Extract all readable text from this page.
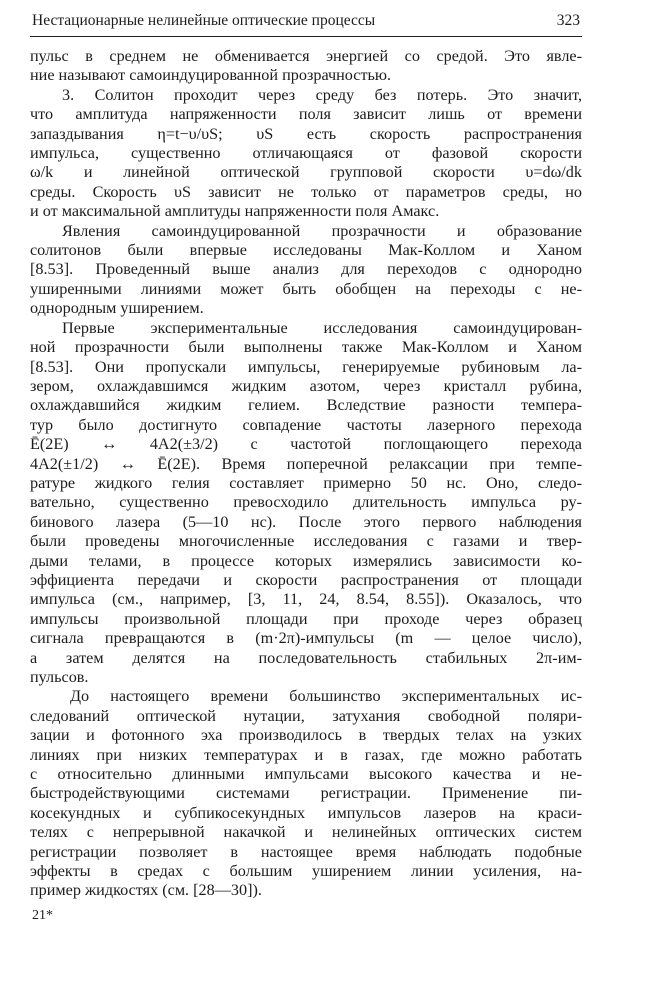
Нестационарные нелинейные оптические процессы	323

пульс в среднем не обменивается энергией со средой. Это явле-
ние называют самоиндуцированной прозрачностью.

3. Солитон проходит через среду без потерь. Это значит,
что амплитуда напряженности поля зависит лишь от времени
запаздывания η=t−υ/υS; υS есть скорость распространения
импульса, существенно отличающаяся от фазовой скорости
ω/k и линейной оптической групповой скорости υ=dω/dk
среды. Скорость υS зависит не только от параметров среды, но
и от максимальной амплитуды напряженности поля Aмакс.

Явления самоиндуцированной прозрачности и образование
солитонов были впервые исследованы Мак-Коллом и Ханом
[8.53]. Проведенный выше анализ для переходов с однородно
уширенными линиями может быть обобщен на переходы с не-
однородным уширением.

Первые экспериментальные исследования самоиндуцирован-
ной прозрачности были выполнены также Мак-Коллом и Ханом
[8.53]. Они пропускали импульсы, генерируемые рубиновым ла-
зером, охлаждавшимся жидким азотом, через кристалл рубина,
охлаждавшийся жидким гелием. Вследствие разности темпера-
тур было достигнуто совпадение частоты лазерного перехода
Ē(2E) ↔ 4A2(±3/2) с частотой поглощающего перехода
4A2(±1/2) ↔ Ē(2E). Время поперечной релаксации при темпе-
ратуре жидкого гелия составляет примерно 50 нс. Оно, следо-
вательно, существенно превосходило длительность импульса ру-
бинового лазера (5—10 нс). После этого первого наблюдения
были проведены многочисленные исследования с газами и твер-
дыми телами, в процессе которых измерялись зависимости ко-
эффициента передачи и скорости распространения от площади
импульса (см., например, [3, 11, 24, 8.54, 8.55]). Оказалось, что
импульсы произвольной площади при проходе через образец
сигнала превращаются в (m·2π)-импульсы (m — целое число),
а затем делятся на последовательность стабильных 2π-им-
пульсов.

До настоящего времени большинство экспериментальных ис-
следований оптической нутации, затухания свободной поляри-
зации и фотонного эха производилось в твердых телах на узких
линиях при низких температурах и в газах, где можно работать
с относительно длинными импульсами высокого качества и не-
быстродействующими системами регистрации. Применение пи-
косекундных и субпикосекундных импульсов лазеров на краси-
телях с непрерывной накачкой и нелинейных оптических систем
регистрации позволяет в настоящее время наблюдать подобные
эффекты в средах с большим уширением линии усиления, на-
пример жидкостях (см. [28—30]).

21*
